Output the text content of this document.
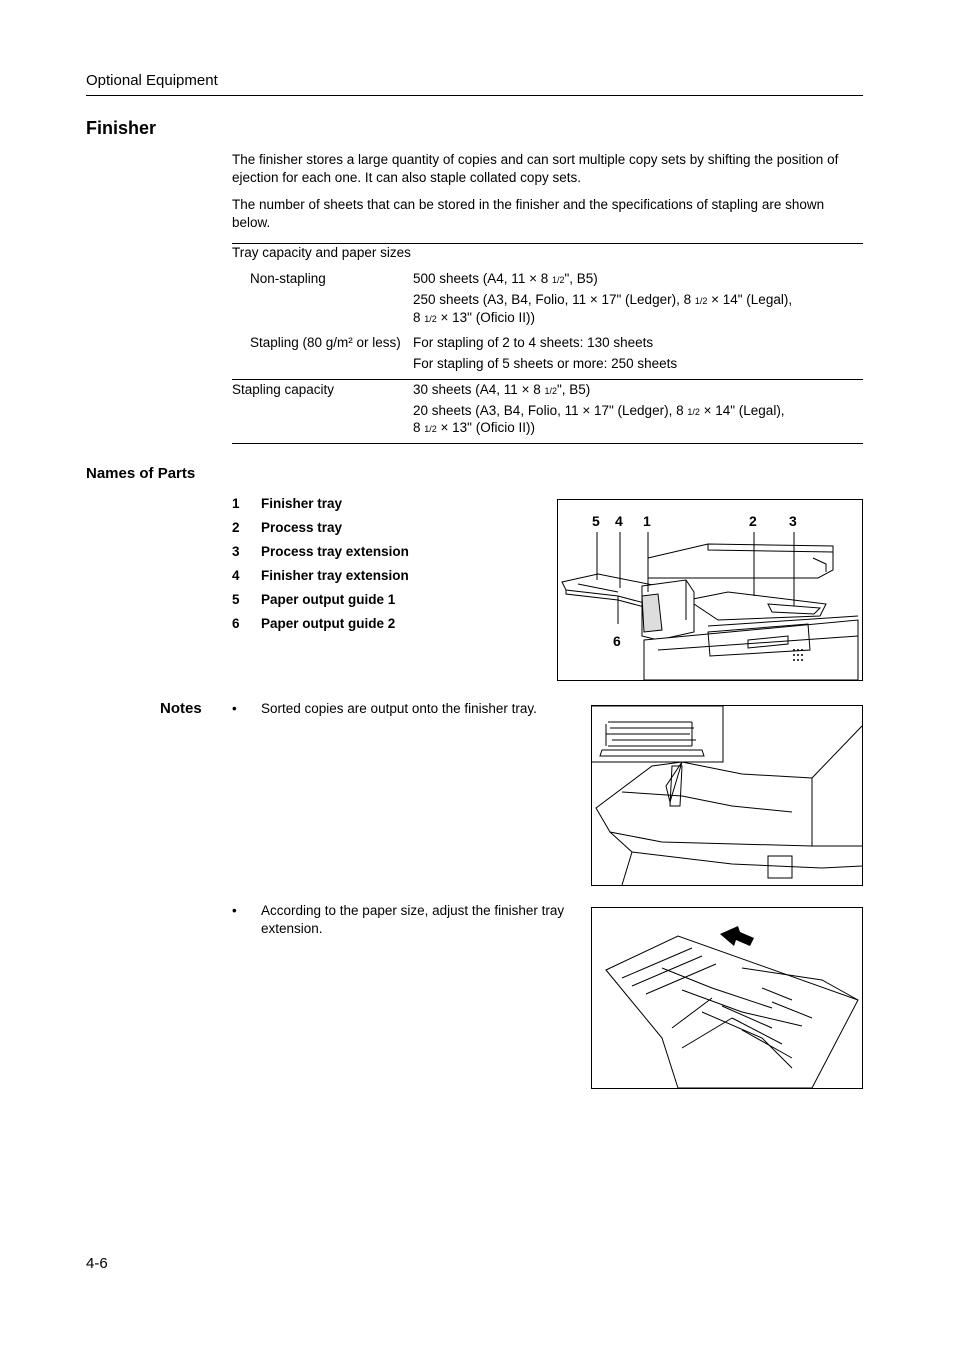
Optional Equipment
Finisher
The finisher stores a large quantity of copies and can sort multiple copy sets by shifting the position of ejection for each one. It can also staple collated copy sets.
The number of sheets that can be stored in the finisher and the specifications of stapling are shown below.
Tray capacity and paper sizes
Non-stapling	500 sheets (A4, 11 × 8 1/2", B5)
250 sheets (A3, B4, Folio, 11 × 17" (Ledger), 8 1/2 × 14" (Legal),
8 1/2 × 13" (Oficio II))
Stapling (80 g/m² or less) For stapling of 2 to 4 sheets: 130 sheets
For stapling of 5 sheets or more: 250 sheets
Stapling capacity	30 sheets (A4, 11 × 8 1/2", B5)
20 sheets (A3, B4, Folio, 11 × 17" (Ledger), 8 1/2 × 14" (Legal),
8 1/2 × 13" (Oficio II))
Names of Parts
1 Finisher tray
2 Process tray
3 Process tray extension
4 Finisher tray extension
5 Paper output guide 1
6 Paper output guide 2
5 4 1	2 3
6
Notes • Sorted copies are output onto the finisher tray.
• According to the paper size, adjust the finisher tray extension.
4-6
